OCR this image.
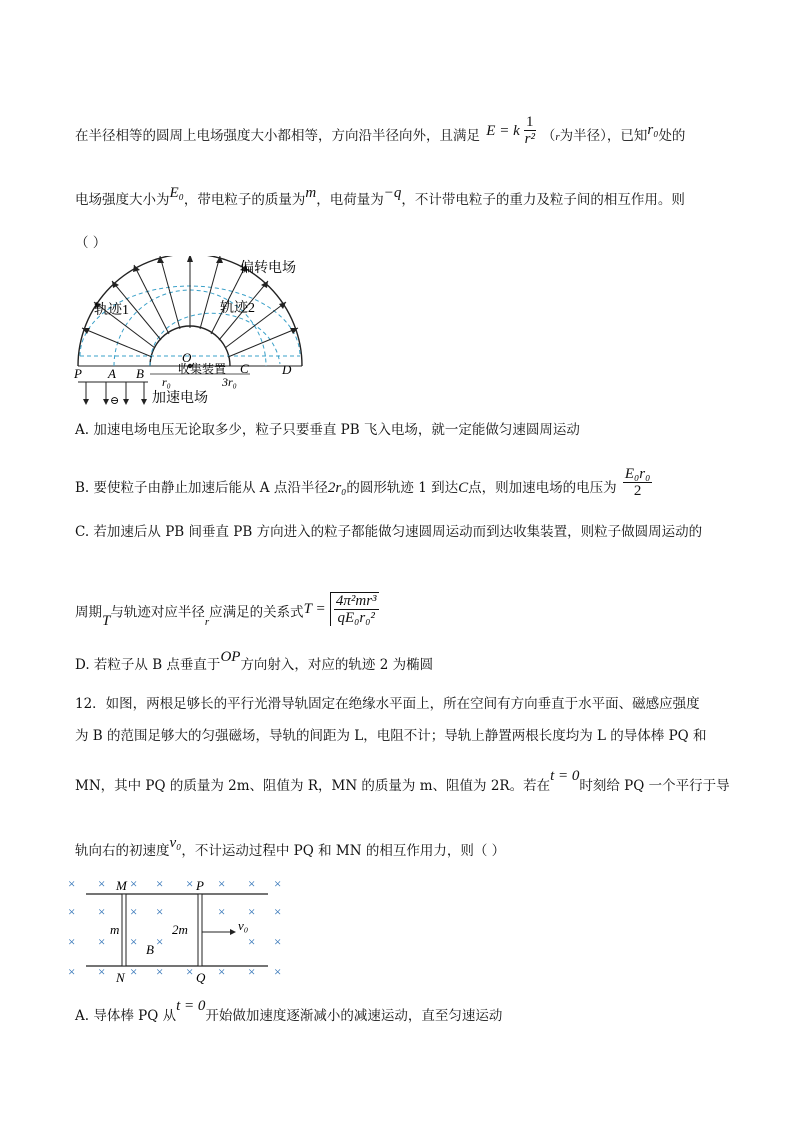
在半径相等的圆周上电场强度大小都相等，方向沿半径向外，且满足 E = k $\frac{1}{\text{r²}} (r$为半径），已知r₀处的
电场强度大小为E₀，带电粒子的质量为m，电荷量为−q，不计带电粒子的重力及粒子间的相互作用。则
（ ）
偏转电场
轨迹1	轨迹2
O
收集装置
P A B	C	D
r₀	3r₀
⊖ 加速电场
A. 加速电场电压无论取多少，粒子只要垂直 PB 飞入电场，就一定能做匀速圆周运动
B. 要使粒子由静止加速后能从 A 点沿半径2r₀的圆形轨迹 1 到达C点，则加速电场的电压为 $\frac{\text{E₀r₀}}{2}$
C. 若加速后从 PB 间垂直 PB 方向进入的粒子都能做匀速圆周运动而到达收集装置，则粒子做圆周运动的
周期T与轨迹对应半径$_r$应满足的关系式$T = \frac{\text{4π²mr³}}{\text{qE₀r₀²}}$
D. 若粒子从 B 点垂直于OP方向射入，对应的轨迹 2 为椭圆
12．如图，两根足够长的平行光滑导轨固定在绝缘水平面上，所在空间有方向垂直于水平面、磁感应强度
为 B 的范围足够大的匀强磁场，导轨的间距为 L，电阻不计；导轨上静置两根长度均为 L 的导体棒 PQ 和
MN，其中 PQ 的质量为 2m、阻值为 R，MN 的质量为 m、阻值为 2R。若在t = 0时刻给 PQ 一个平行于导
轨向右的初速度v₀，不计运动过程中 PQ 和 MN 的相互作用力，则（ ）
× × × × × × × ×
× × × ×	× × ×
× × × ×	× ×
× × × × × × × ×
M
N
P
Q
m	2m
B
v₀
A. 导体棒 PQ 从t = 0开始做加速度逐渐减小的减速运动，直至匀速运动
